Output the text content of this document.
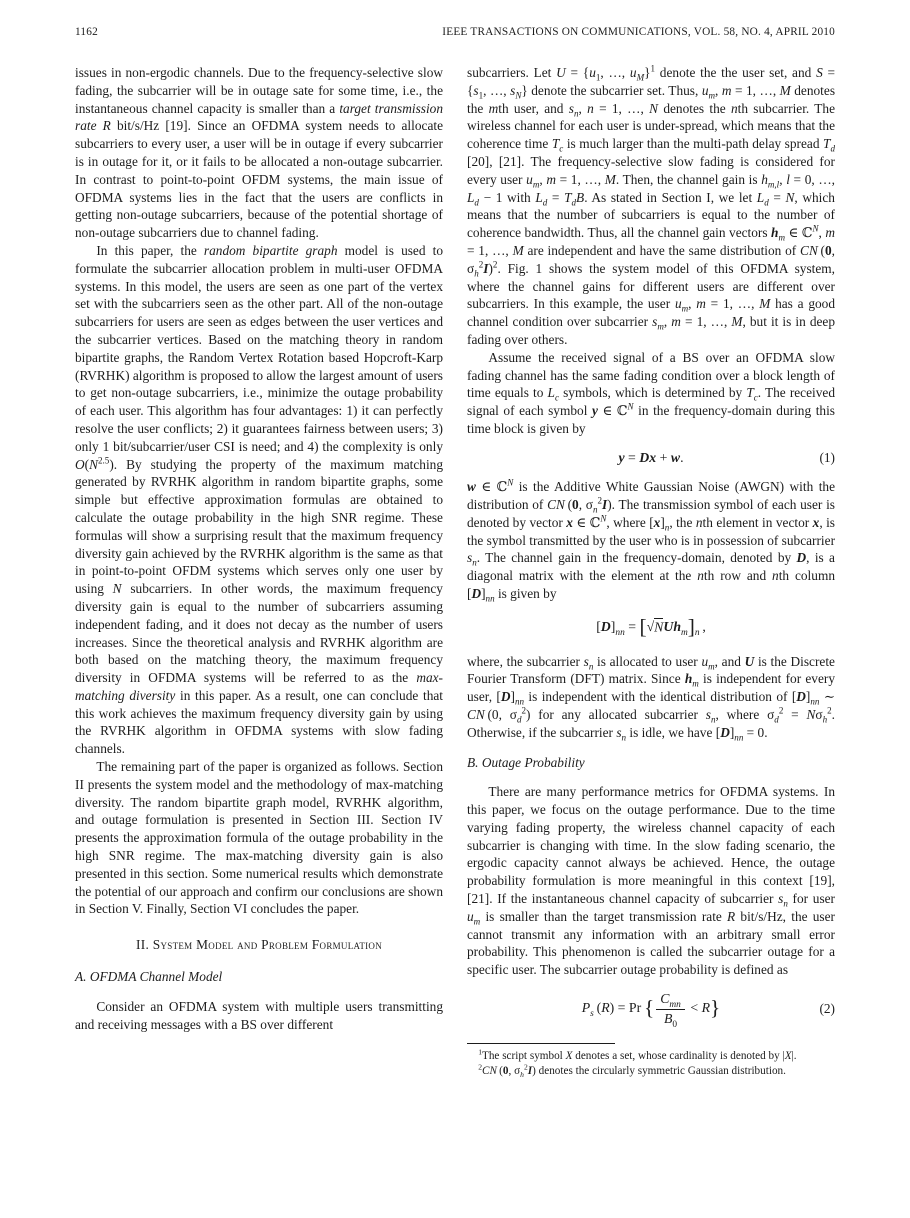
1162	IEEE TRANSACTIONS ON COMMUNICATIONS, VOL. 58, NO. 4, APRIL 2010

issues in non-ergodic channels. Due to the frequency-selective slow fading, the subcarrier will be in outage sate for some time, i.e., the instantaneous channel capacity is smaller than a target transmission rate R bit/s/Hz [19]. Since an OFDMA system needs to allocate subcarriers to every user, a user will be in outage if every subcarrier is in outage for it, or it fails to be allocated a non-outage subcarrier. In contrast to point-to-point OFDM systems, the main issue of OFDMA systems lies in the fact that the users are conflicts in getting non-outage subcarriers, because of the potential shortage of non-outage subcarriers due to channel fading.

In this paper, the random bipartite graph model is used to formulate the subcarrier allocation problem in multi-user OFDMA systems. In this model, the users are seen as one part of the vertex set with the subcarriers seen as the other part. All of the non-outage subcarriers for users are seen as edges between the user vertices and the subcarrier vertices. Based on the matching theory in random bipartite graphs, the Random Vertex Rotation based Hopcroft-Karp (RVRHK) algorithm is proposed to allow the largest amount of users to get non-outage subcarriers, i.e., minimize the outage probability of each user. This algorithm has four advantages: 1) it can perfectly resolve the user conflicts; 2) it guarantees fairness between users; 3) only 1 bit/subcarrier/user CSI is need; and 4) the complexity is only $O(N^{2.5})$. By studying the property of the maximum matching generated by RVRHK algorithm in random bipartite graphs, some simple but effective approximation formulas are obtained to calculate the outage probability in the high SNR regime. These formulas will show a surprising result that the maximum frequency diversity gain achieved by the RVRHK algorithm is the same as that in point-to-point OFDM systems which serves only one user by using N subcarriers. In other words, the maximum frequency diversity gain is equal to the number of subcarriers assuming independent fading, and it does not decay as the number of users increases. Since the theoretical analysis and RVRHK algorithm are both based on the matching theory, the maximum frequency diversity in OFDMA systems will be referred to as the max-matching diversity in this paper. As a result, one can conclude that this work achieves the maximum frequency diversity gain by using the RVRHK algorithm in OFDMA systems with slow fading channels.

The remaining part of the paper is organized as follows. Section II presents the system model and the methodology of max-matching diversity. The random bipartite graph model, RVRHK algorithm, and outage formulation is presented in Section III. Section IV presents the approximation formula of the outage probability in the high SNR regime. The max-matching diversity gain is also presented in this section. Some numerical results which demonstrate the potential of our approach and confirm our conclusions are shown in Section V. Finally, Section VI concludes the paper.

II. System Model and Problem Formulation
A. OFDMA Channel Model

Consider an OFDMA system with multiple users transmitting and receiving messages with a BS over different

subcarriers. Let $U = \{u_1$, …, $u_M\}^1$ denote the the user set, and $S = \{s_1$, …, $s_N$} denote the subcarrier set. Thus, $u_m$, m = 1, …, M denotes the mth user, and $s_n$, n = 1, …, N denotes the nth subcarrier. The wireless channel for each user is under-spread, which means that the coherence time $T_c$ is much larger than the multi-path delay spread $T_d$ [20], [21]. The frequency-selective slow fading is considered for every user $u_m$, m = 1, …, M. Then, the channel gain is $h_{m,l}$, l = 0, …, $L_d - 1$ with $L_d = T_dB$. As stated in Section I, we let $L_d = N$, which means that the number of subcarriers is equal to the number of coherence bandwidth. Thus, all the channel gain vectors $h_m$ ∈ ℂ$^N$, m = 1, …, M are independent and have the same distribution of CN (0, $\sigma_h^2I)^2$. Fig. 1 shows the system model of this OFDMA system, where the channel gains for different users are different over subcarriers. In this example, the user $u_m$, m = 1, …, M has a good channel condition over subcarrier $s_m$, m = 1, …, M, but it is in deep fading over others.

Assume the received signal of a BS over an OFDMA slow fading channel has the same fading condition over a block length of time equals to $L_c$ symbols, which is determined by $T_c$. The received signal of each symbol y ∈ ℂ$^N$ in the frequency-domain during this time block is given by

y = Dx + w.	(1)

w ∈ ℂ$^N$ is the Additive White Gaussian Noise (AWGN) with the distribution of CN (0, $\sigma_n^2I$). The transmission symbol of each user is denoted by vector x ∈ ℂ$^N$, where $[x]_n$, the nth element in vector x, is the symbol transmitted by the user who is in possession of subcarrier $s_n$. The channel gain in the frequency-domain, denoted by D, is a diagonal matrix with the element at the nth row and nth column $[D]_{nn}$ is given by

$[D]_{nn} = [√NUh_m]_n$ ,

where, the subcarrier $s_n$ is allocated to user $u_m$, and U is the Discrete Fourier Transform (DFT) matrix. Since $h_m$ is independent for every user, $[D]_{nn}$ is independent with the identical distribution of $[D]_{nn}$ ∼ CN (0, $\sigma_d^2$) for any allocated subcarrier $s_n$, where $\sigma_d^2 = N\sigma_h^2$. Otherwise, if the subcarrier $s_n$ is idle, we have $[D]_{nn} = 0$.

B. Outage Probability

There are many performance metrics for OFDMA systems. In this paper, we focus on the outage performance. Due to the time varying fading property, the wireless channel capacity of each subcarrier is changing with time. In the slow fading scenario, the ergodic capacity cannot always be achieved. Hence, the outage probability formulation is more meaningful in this context [19], [21]. If the instantaneous channel capacity of subcarrier $s_n$ for user $u_m$ is smaller than the target transmission rate R bit/s/Hz, the user cannot transmit any information with an arbitrary small error probability. This phenomenon is called the subcarrier outage for a specific user. The subcarrier outage probability is defined as

$P_s$ (R) = Pr { $\frac{C_{mn}}{B_0} < R$}	(2)

$^1$The script symbol X denotes a set, whose cardinality is denoted by |X|.

$^2$CN (0, $\sigma_h^2I$) denotes the circularly symmetric Gaussian distribution.
